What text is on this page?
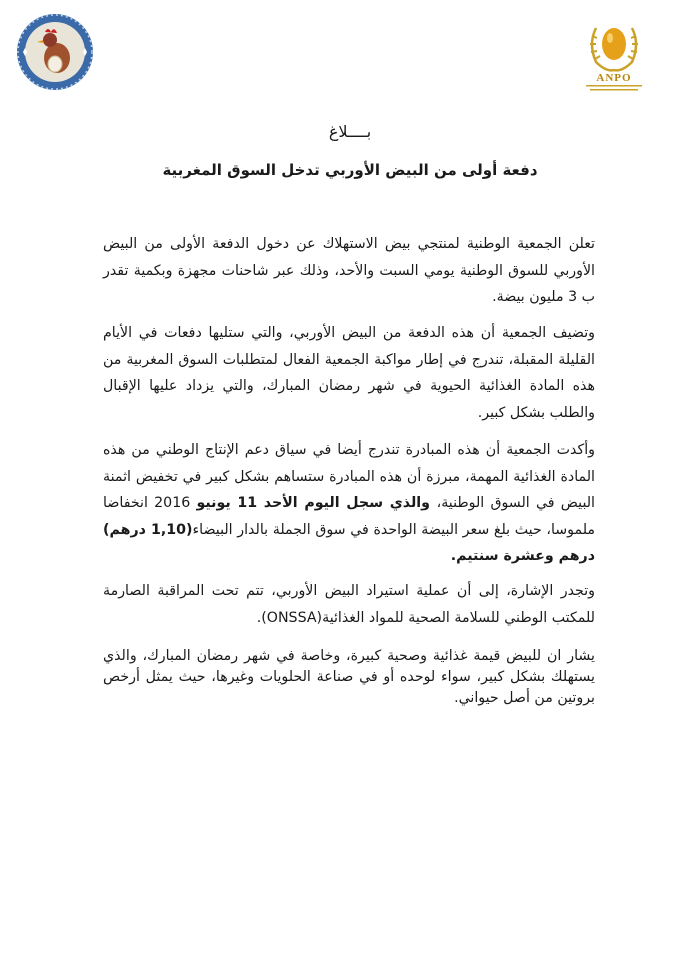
ANPO
بــــلاغ
دفعة أولى من البيض الأوربي تدخل السوق المغربية
تعلن الجمعية الوطنية لمنتجي بيض الاستهلاك عن دخول الدفعة الأولى من البيض الأوربي للسوق الوطنية يومي السبت والأحد، وذلك عبر شاحنات مجهزة وبكمية تقدر ب 3 مليون بيضة.
وتضيف الجمعية أن هذه الدفعة من البيض الأوربي، والتي ستليها دفعات في الأيام القليلة المقبلة، تندرج في إطار مواكبة الجمعية الفعال لمتطلبات السوق المغربية من هذه المادة الغذائية الحيوية في شهر رمضان المبارك، والتي يزداد عليها الإقبال والطلب بشكل كبير.
وأكدت الجمعية أن هذه المبادرة تندرج أيضا في سياق دعم الإنتاج الوطني من هذه المادة الغذائية المهمة، مبرزة أن هذه المبادرة ستساهم بشكل كبير في تخفيض اثمنة البيض في السوق الوطنية، والذي سجل اليوم الأحد 11 يونيو 2016 انخفاضا ملموسا، حيث بلغ سعر البيضة الواحدة في سوق الجملة بالدار البيضاء(1,10 درهم) درهم وعشرة سنتيم.
وتجدر الإشارة، إلى أن عملية استيراد البيض الأوربي، تتم تحت المراقبة الصارمة للمكتب الوطني للسلامة الصحية للمواد الغذائية(ONSSA).
يشار ان للبيض قيمة غذائية وصحية كبيرة، وخاصة في شهر رمضان المبارك، والذي يستهلك بشكل كبير، سواء لوحده أو في صناعة الحلويات وغيرها، حيث يمثل أرخص بروتين من أصل حيواني.
